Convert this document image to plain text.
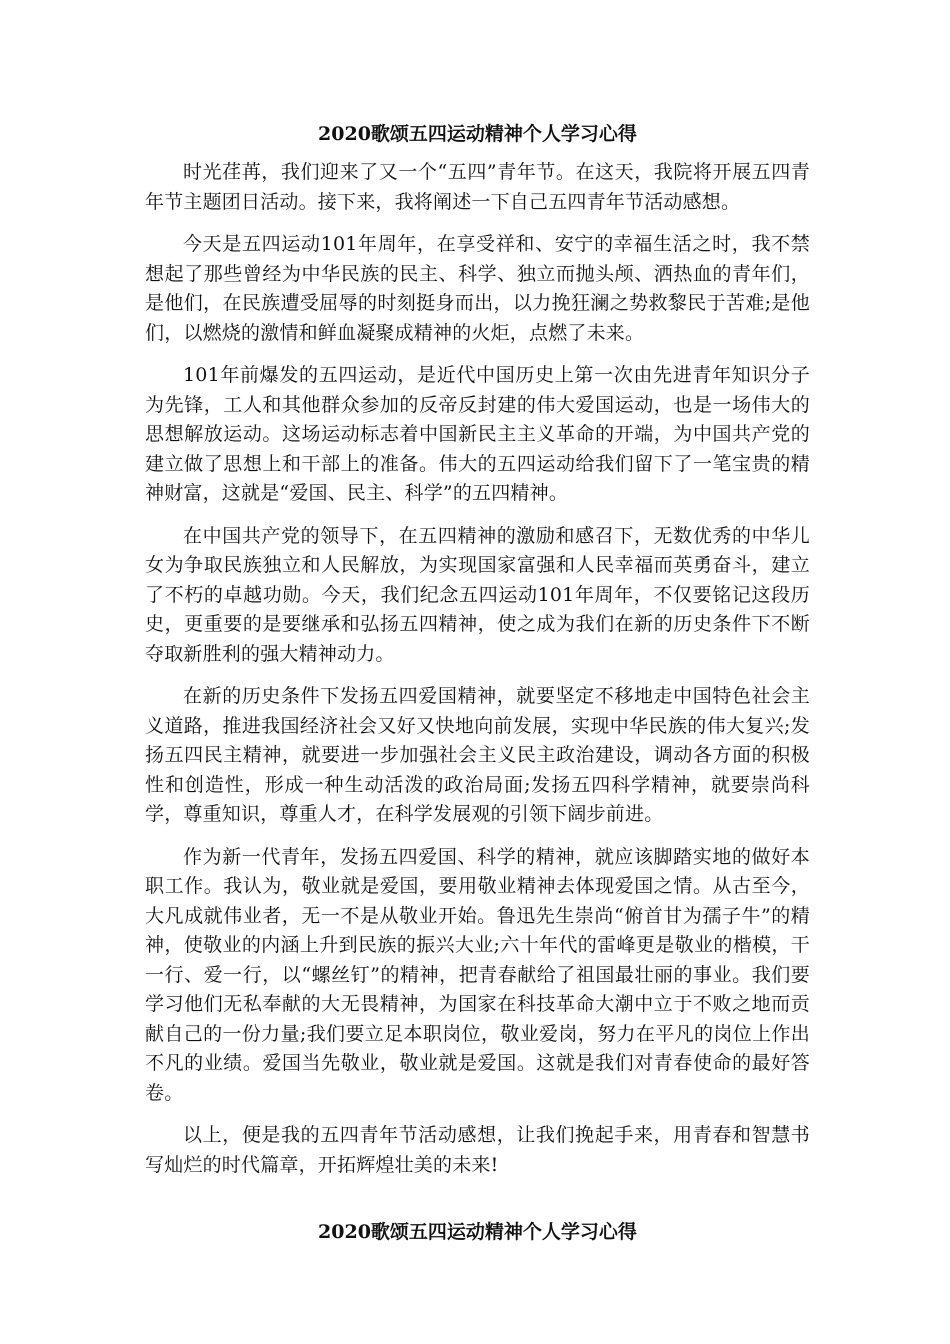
2020歌颂五四运动精神个人学习心得

时光荏苒，我们迎来了又一个“五四”青年节。在这天，我院将开展五四青年节主题团日活动。接下来，我将阐述一下自己五四青年节活动感想。

今天是五四运动101年周年，在享受祥和、安宁的幸福生活之时，我不禁想起了那些曾经为中华民族的民主、科学、独立而抛头颅、洒热血的青年们，是他们，在民族遭受屈辱的时刻挺身而出，以力挽狂澜之势救黎民于苦难;是他们，以燃烧的激情和鲜血凝聚成精神的火炬，点燃了未来。

101年前爆发的五四运动，是近代中国历史上第一次由先进青年知识分子为先锋，工人和其他群众参加的反帝反封建的伟大爱国运动，也是一场伟大的思想解放运动。这场运动标志着中国新民主主义革命的开端，为中国共产党的建立做了思想上和干部上的准备。伟大的五四运动给我们留下了一笔宝贵的精神财富，这就是“爱国、民主、科学”的五四精神。

在中国共产党的领导下，在五四精神的激励和感召下，无数优秀的中华儿女为争取民族独立和人民解放，为实现国家富强和人民幸福而英勇奋斗，建立了不朽的卓越功勋。今天，我们纪念五四运动101年周年，不仅要铭记这段历史，更重要的是要继承和弘扬五四精神，使之成为我们在新的历史条件下不断夺取新胜利的强大精神动力。

在新的历史条件下发扬五四爱国精神，就要坚定不移地走中国特色社会主义道路，推进我国经济社会又好又快地向前发展，实现中华民族的伟大复兴;发扬五四民主精神，就要进一步加强社会主义民主政治建设，调动各方面的积极性和创造性，形成一种生动活泼的政治局面;发扬五四科学精神，就要崇尚科学，尊重知识，尊重人才，在科学发展观的引领下阔步前进。

作为新一代青年，发扬五四爱国、科学的精神，就应该脚踏实地的做好本职工作。我认为，敬业就是爱国，要用敬业精神去体现爱国之情。从古至今，大凡成就伟业者，无一不是从敬业开始。鲁迅先生崇尚“俯首甘为孺子牛”的精神，使敬业的内涵上升到民族的振兴大业;六十年代的雷峰更是敬业的楷模，干一行、爱一行，以“螺丝钉”的精神，把青春献给了祖国最壮丽的事业。我们要学习他们无私奉献的大无畏精神，为国家在科技革命大潮中立于不败之地而贡献自己的一份力量;我们要立足本职岗位，敬业爱岗，努力在平凡的岗位上作出不凡的业绩。爱国当先敬业，敬业就是爱国。这就是我们对青春使命的最好答卷。

以上，便是我的五四青年节活动感想，让我们挽起手来，用青春和智慧书写灿烂的时代篇章，开拓辉煌壮美的未来!

2020歌颂五四运动精神个人学习心得
